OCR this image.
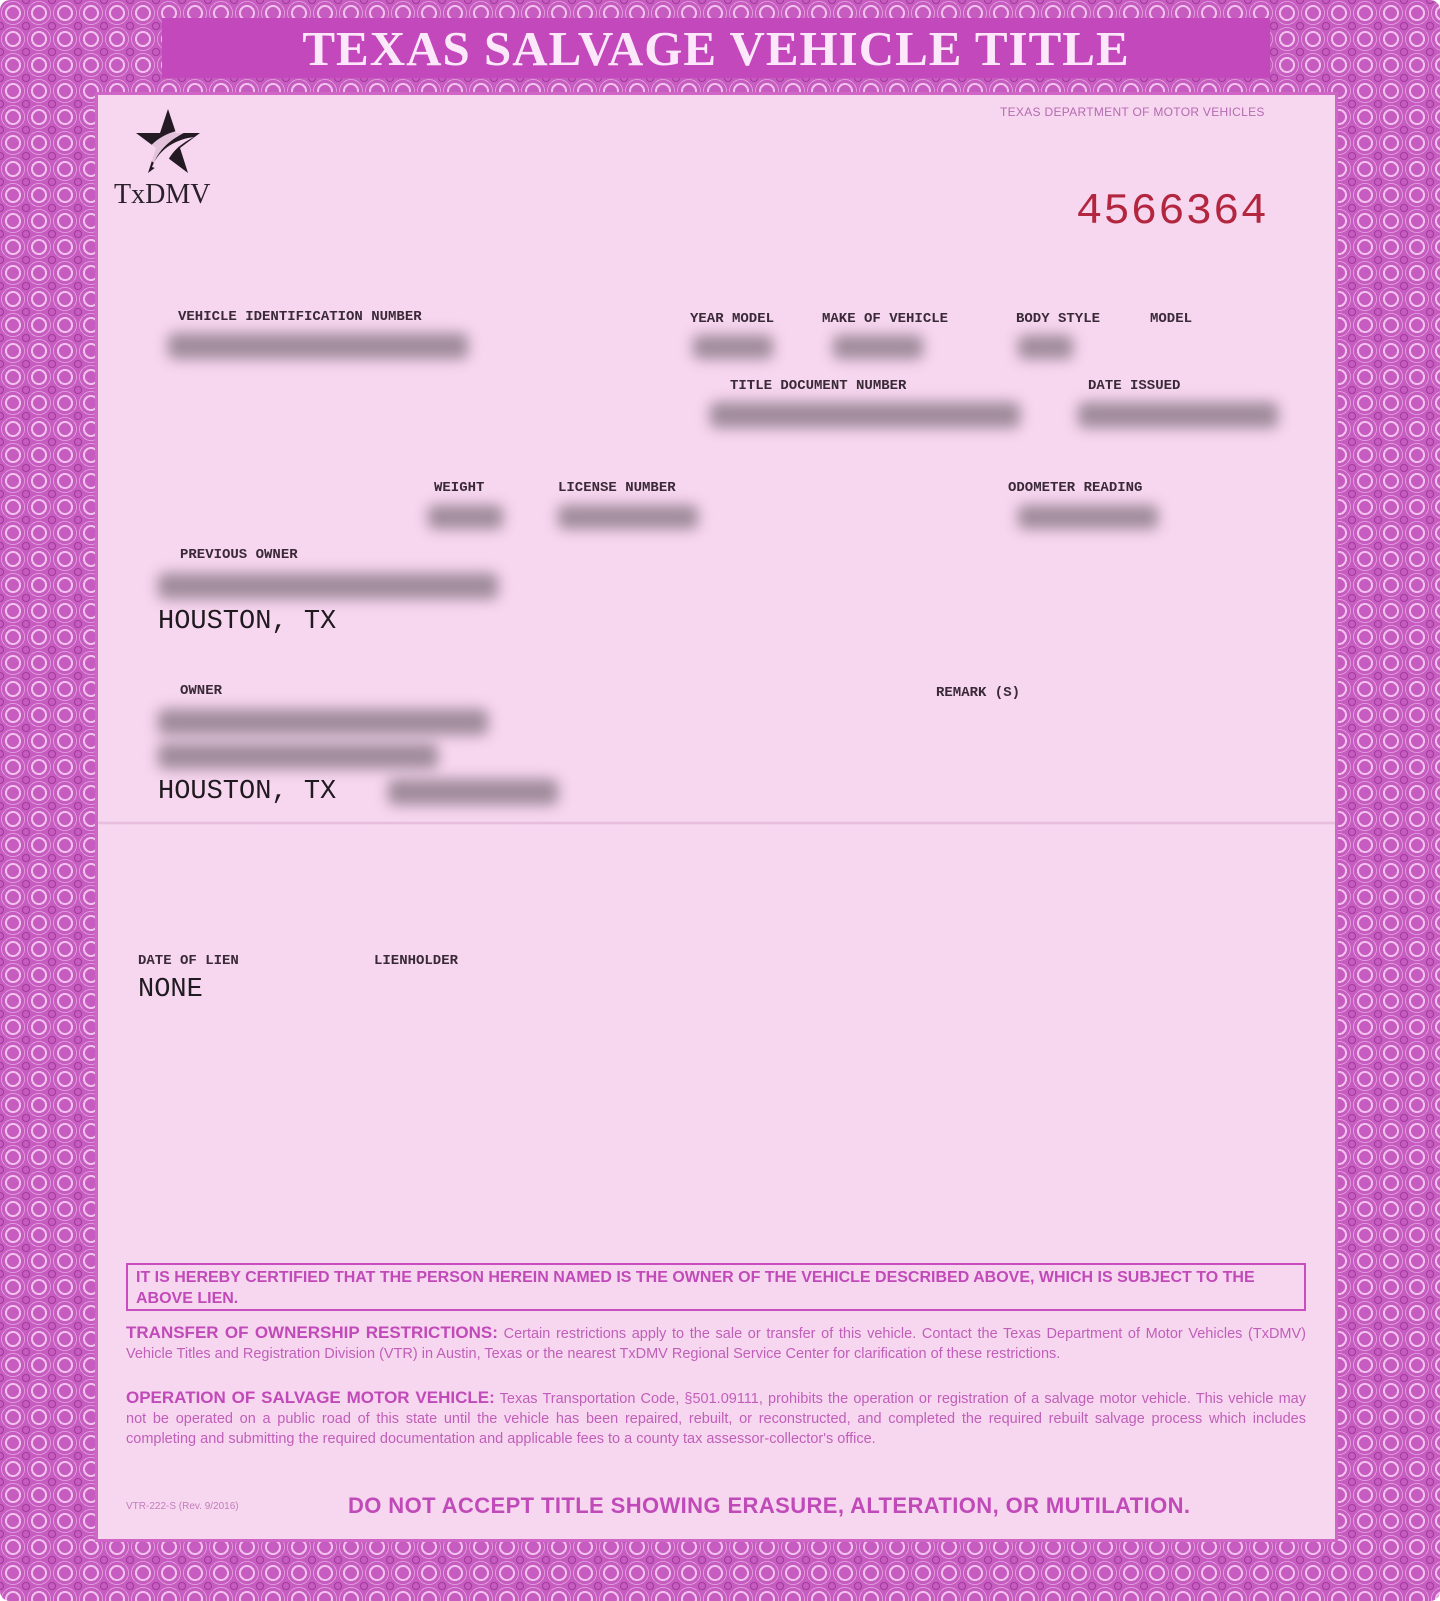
TEXAS SALVAGE VEHICLE TITLE
TEXAS DEPARTMENT OF MOTOR VEHICLES
TxDMV	4566364
VEHICLE IDENTIFICATION NUMBER	YEAR MODEL	MAKE OF VEHICLE	BODY STYLE	MODEL
TITLE DOCUMENT NUMBER	DATE ISSUED
WEIGHT	LICENSE NUMBER	ODOMETER READING
PREVIOUS OWNER
HOUSTON, TX
OWNER
HOUSTON, TX
REMARK (S)
DATE OF LIEN	LIENHOLDER
NONE
IT IS HEREBY CERTIFIED THAT THE PERSON HEREIN NAMED IS THE OWNER OF THE VEHICLE DESCRIBED ABOVE, WHICH IS SUBJECT TO THE ABOVE LIEN.
TRANSFER OF OWNERSHIP RESTRICTIONS: Certain restrictions apply to the sale or transfer of this vehicle. Contact the Texas Department of Motor Vehicles (TxDMV) Vehicle Titles and Registration Division (VTR) in Austin, Texas or the nearest TxDMV Regional Service Center for clarification of these restrictions.
OPERATION OF SALVAGE MOTOR VEHICLE: Texas Transportation Code, §501.09111, prohibits the operation or registration of a salvage motor vehicle. This vehicle may not be operated on a public road of this state until the vehicle has been repaired, rebuilt, or reconstructed, and completed the required rebuilt salvage process which includes completing and submitting the required documentation and applicable fees to a county tax assessor-collector's office.
VTR-222-S (Rev. 9/2016)	DO NOT ACCEPT TITLE SHOWING ERASURE, ALTERATION, OR MUTILATION.
